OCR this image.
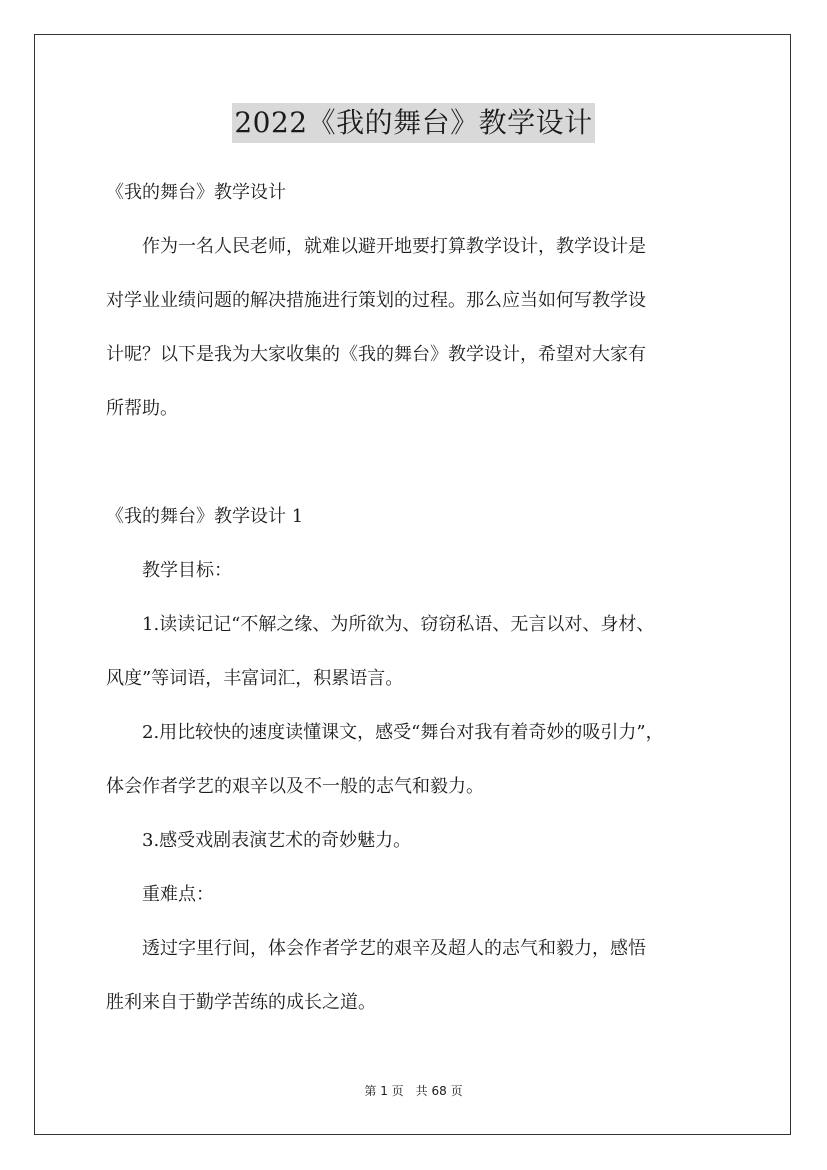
2022《我的舞台》教学设计
《我的舞台》教学设计
作为一名人民老师，就难以避开地要打算教学设计，教学设计是
对学业业绩问题的解决措施进行策划的过程。那么应当如何写教学设
计呢？以下是我为大家收集的《我的舞台》教学设计，希望对大家有
所帮助。
《我的舞台》教学设计 1
教学目标：
1.读读记记“不解之缘、为所欲为、窃窃私语、无言以对、身材、
风度”等词语，丰富词汇，积累语言。
2.用比较快的速度读懂课文，感受“舞台对我有着奇妙的吸引力”，
体会作者学艺的艰辛以及不一般的志气和毅力。
3.感受戏剧表演艺术的奇妙魅力。
重难点：
透过字里行间，体会作者学艺的艰辛及超人的志气和毅力，感悟
胜利来自于勤学苦练的成长之道。
第 1 页　共 68 页
